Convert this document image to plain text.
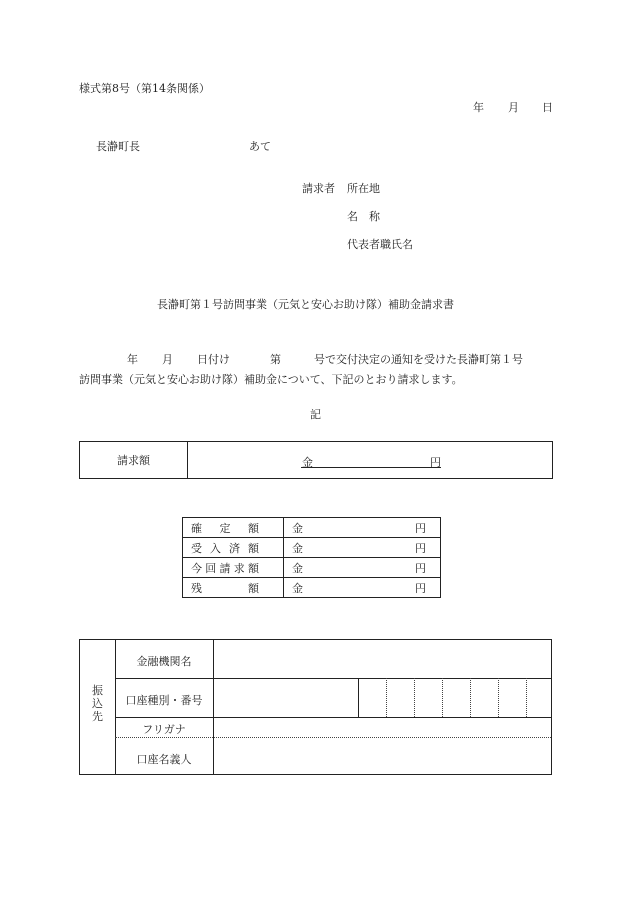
様式第8号（第14条関係）
年 月 日
長瀞町長	あて
請求者 所在地
名　称
代表者職氏名
長瀞町第１号訪問事業（元気と安心お助け隊）補助金請求書
年 月 日付け	第	号で交付決定の通知を受けた長瀞町第１号
訪問事業（元気と安心お助け隊）補助金について、下記のとおり請求します。
記
請求額	金	円
確 定 額	金 円

受 入 済 額	金 円

今 回 請 求 額	金 円

残 額	金 円
振
込
先
金融機関名
口座種別・番号
フリガナ
口座名義人
